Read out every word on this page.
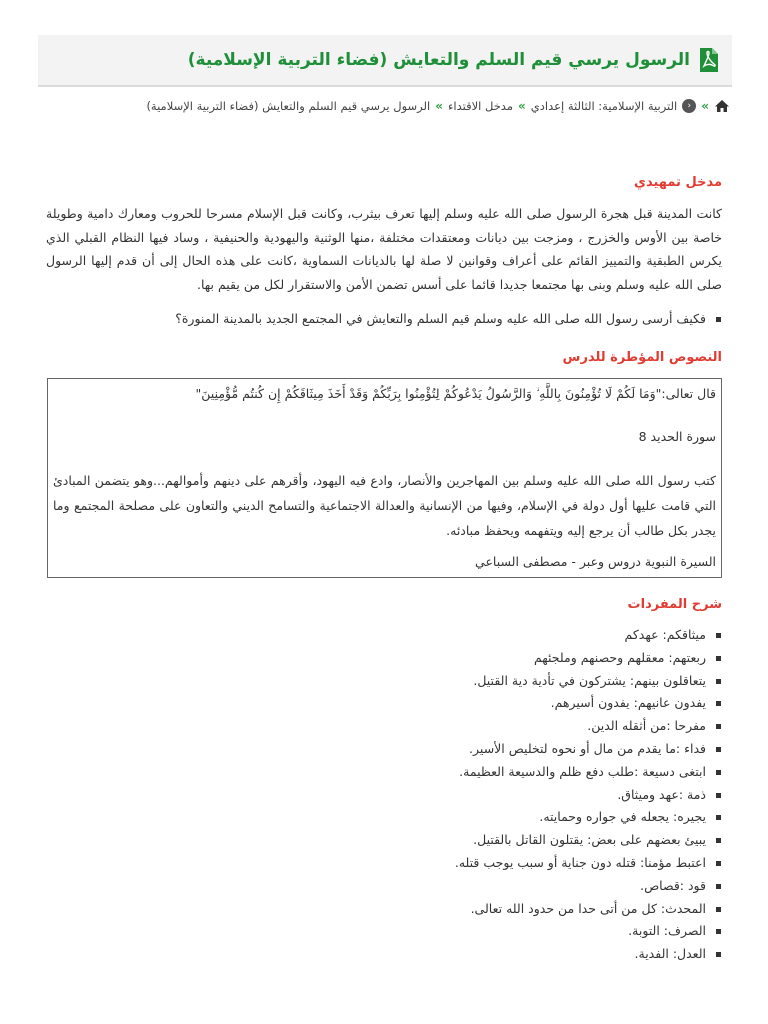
الرسول يرسي قيم السلم والتعايش (فضاء التربية الإسلامية)
»
‹
التربية الإسلامية: الثالثة إعدادي
»
مدخل الاقتداء
»
الرسول يرسي قيم السلم والتعايش (فضاء التربية الإسلامية)
مدخل تمهيدي

كانت المدينة قبل هجرة الرسول صلى الله عليه وسلم إليها تعرف بيثرب، وكانت قبل الإسلام مسرحا للحروب ومعارك دامية وطويلة خاصة بين الأوس والخزرج ، ومزجت بين ديانات ومعتقدات مختلفة ،منها الوثنية واليهودية والحنيفية ، وساد فيها النظام القبلي الذي يكرس الطبقية والتمييز القائم على أعراف وقوانين لا صلة لها بالديانات السماوية ،كانت على هذه الحال إلى أن قدم إليها الرسول صلى الله عليه وسلم وبنى بها مجتمعا جديدا قائما على أسس تضمن الأمن والاستقرار لكل من يقيم بها.

فكيف أرسى رسول الله صلى الله عليه وسلم قيم السلم والتعايش في المجتمع الجديد بالمدينة المنورة؟
النصوص المؤطرة للدرس
قال تعالى:"وَمَا لَكُمْ لَا تُؤْمِنُونَ بِاللَّهِ ۙ وَالرَّسُولُ يَدْعُوكُمْ لِتُؤْمِنُوا بِرَبِّكُمْ وَقَدْ أَخَذَ مِيثَاقَكُمْ إِن كُنتُم مُّؤْمِنِينَ"
سورة الحديد 8
كتب رسول الله صلى الله عليه وسلم بين المهاجرين والأنصار، وادع فيه اليهود، وأقرهم على دينهم وأموالهم...وهو يتضمن المبادئ التي قامت عليها أول دولة في الإسلام، وفيها من الإنسانية والعدالة الاجتماعية والتسامح الديني والتعاون على مصلحة المجتمع وما يجدر بكل طالب أن يرجع إليه ويتفهمه ويحفظ مبادئه.
السيرة النبوية دروس وعبر - مصطفى السباعي
شرح المفردات
ميثاقكم: عهدكم
ربعتهم: معقلهم وحصنهم وملجئهم
يتعاقلون بينهم: يشتركون في تأدية دية القتيل.
يفدون عانيهم: يفدون أسيرهم.
مفرحا :من أثقله الدين.
فداء :ما يقدم من مال أو نحوه لتخليص الأسير.
ابتغى دسيعة :طلب دفع ظلم والدسيعة العظيمة.
ذمة :عهد وميثاق.
يجيره: يجعله في جواره وحمايته.
يبيئ بعضهم على بعض: يقتلون القاتل بالقتيل.
اعتبط مؤمنا: قتله دون جناية أو سبب يوجب قتله.
قود :قصاص.
المحدث: كل من أتى حدا من حدود الله تعالى.
الصرف: التوبة.
العدل: الفدية.
